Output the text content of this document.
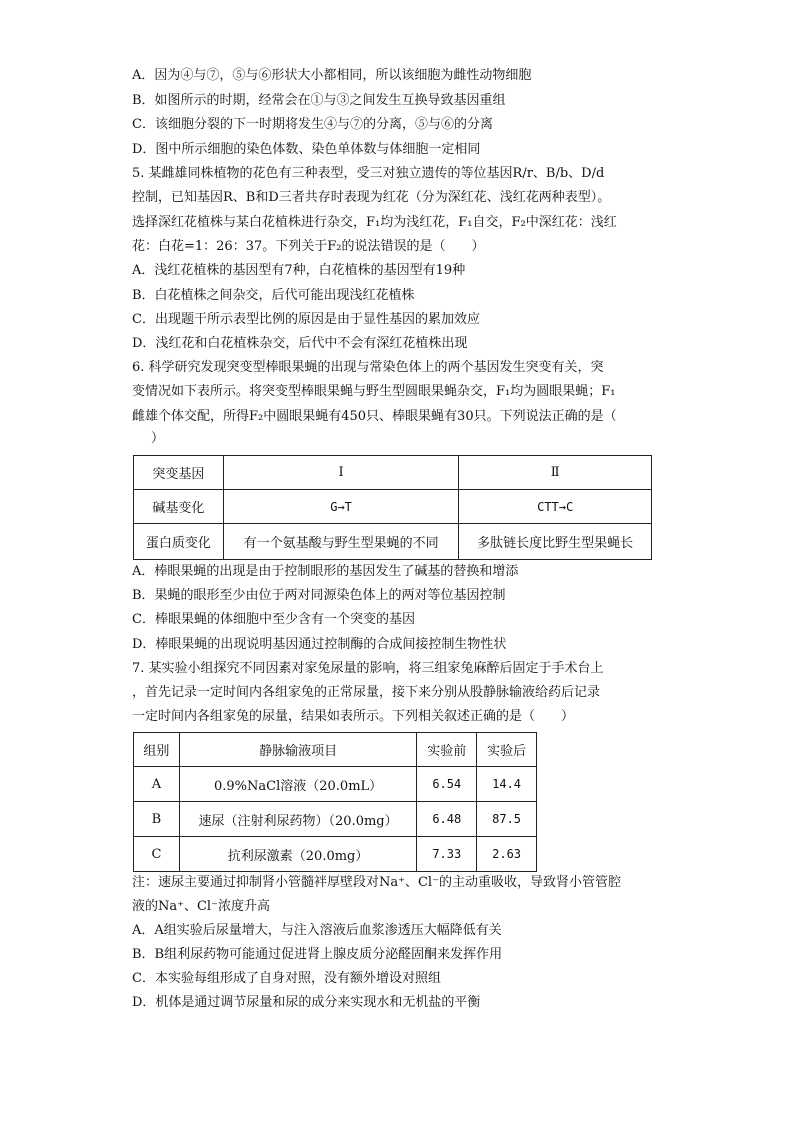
A．因为④与⑦，⑤与⑥形状大小都相同，所以该细胞为雌性动物细胞
B．如图所示的时期，经常会在①与③之间发生互换导致基因重组
C．该细胞分裂的下一时期将发生④与⑦的分离，⑤与⑥的分离
D．图中所示细胞的染色体数、染色单体数与体细胞一定相同
5. 某雌雄同株植物的花色有三种表型，受三对独立遗传的等位基因R/r、B/b、D/d
控制，已知基因R、B和D三者共存时表现为红花（分为深红花、浅红花两种表型）。
选择深红花植株与某白花植株进行杂交，F₁均为浅红花，F₁自交，F₂中深红花：浅红
花：白花=1：26：37。下列关于F₂的说法错误的是（　　）
A．浅红花植株的基因型有7种，白花植株的基因型有19种
B．白花植株之间杂交，后代可能出现浅红花植株
C．出现题干所示表型比例的原因是由于显性基因的累加效应
D．浅红花和白花植株杂交，后代中不会有深红花植株出现
6. 科学研究发现突变型棒眼果蝇的出现与常染色体上的两个基因发生突变有关，突
变情况如下表所示。将突变型棒眼果蝇与野生型圆眼果蝇杂交，F₁均为圆眼果蝇；F₁
雌雄个体交配，所得F₂中圆眼果蝇有450只、棒眼果蝇有30只。下列说法正确的是（
　）
突变基因	Ⅰ	Ⅱ
碱基变化	G→T	CTT→C
蛋白质变化	有一个氨基酸与野生型果蝇的不同	多肽链长度比野生型果蝇长
A．棒眼果蝇的出现是由于控制眼形的基因发生了碱基的替换和增添
B．果蝇的眼形至少由位于两对同源染色体上的两对等位基因控制
C．棒眼果蝇的体细胞中至少含有一个突变的基因
D．棒眼果蝇的出现说明基因通过控制酶的合成间接控制生物性状
7. 某实验小组探究不同因素对家兔尿量的影响，将三组家兔麻醉后固定于手术台上
，首先记录一定时间内各组家兔的正常尿量，接下来分别从股静脉输液给药后记录
一定时间内各组家兔的尿量，结果如表所示。下列相关叙述正确的是（　　）
组别	静脉输液项目	实验前	实验后
A	0.9%NaCl溶液（20.0mL）	6.54	14.4
B	速尿（注射利尿药物）（20.0mg）	6.48	87.5
C	抗利尿激素（20.0mg）	7.33	2.63
注：速尿主要通过抑制肾小管髓袢厚壁段对Na⁺、Cl⁻的主动重吸收，导致肾小管管腔
液的Na⁺、Cl⁻浓度升高
A．A组实验后尿量增大，与注入溶液后血浆渗透压大幅降低有关
B．B组利尿药物可能通过促进肾上腺皮质分泌醛固酮来发挥作用
C．本实验每组形成了自身对照，没有额外增设对照组
D．机体是通过调节尿量和尿的成分来实现水和无机盐的平衡
